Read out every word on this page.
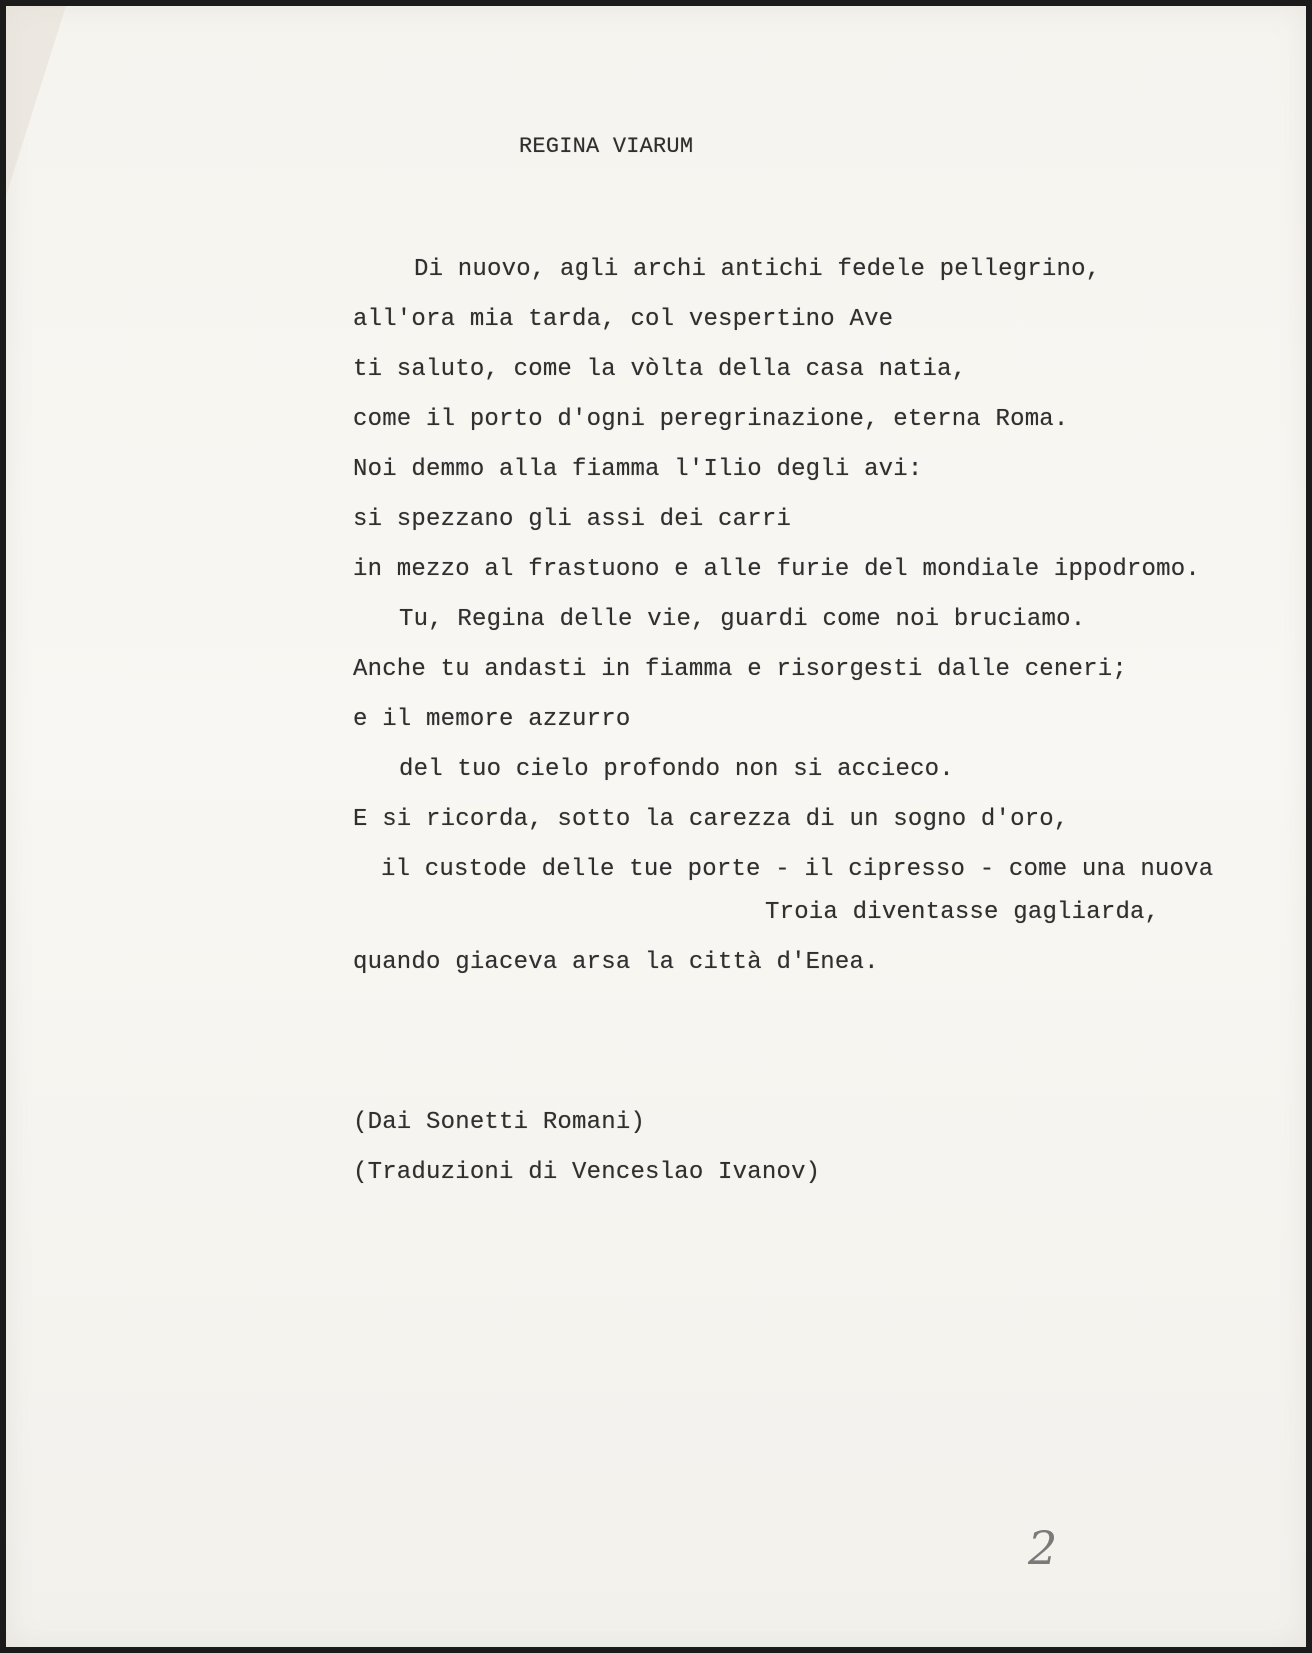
REGINA VIARUM

Di nuovo, agli archi antichi fedele pellegrino,

all'ora mia tarda, col vespertino Ave

ti saluto, come la vòlta della casa natia,

come il porto d'ogni peregrinazione, eterna Roma.

Noi demmo alla fiamma l'Ilio degli avi:

si spezzano gli assi dei carri

in mezzo al frastuono e alle furie del mondiale ippodromo.

Tu, Regina delle vie, guardi come noi bruciamo.

Anche tu andasti in fiamma e risorgesti dalle ceneri;

e il memore azzurro

del tuo cielo profondo non si accieco.

E si ricorda, sotto la carezza di un sogno d'oro,

il custode delle tue porte - il cipresso - come una nuova

Troia diventasse gagliarda,

quando giaceva arsa la città d'Enea.

(Dai Sonetti Romani)

(Traduzioni di Venceslao Ivanov)

2
